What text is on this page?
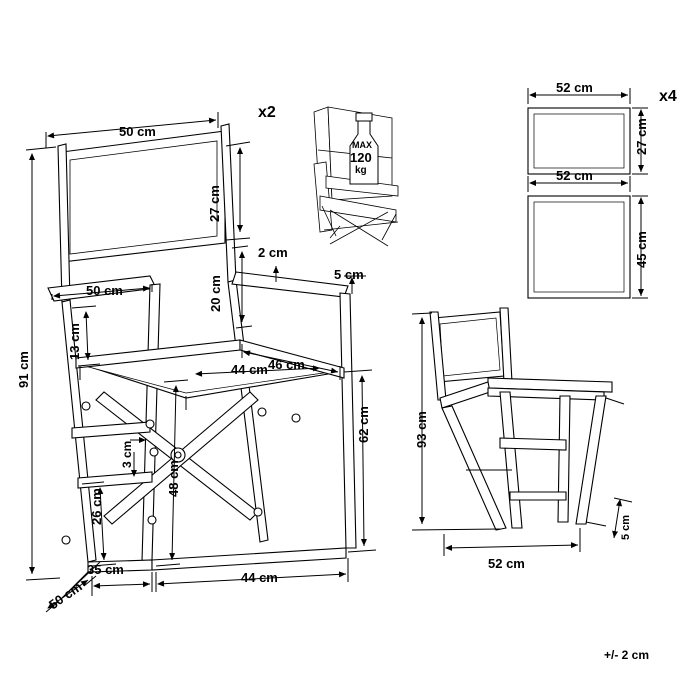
50 cm
27 cm
50 cm
2 cm
5 cm
20 cm
13 cm
46 cm
44 cm
91 cm
62 cm
48 cm
3 cm
26 cm
44 cm
50 cm
35 cm
x2
x4
MAX
120
kg
52 cm
27 cm
52 cm
45 cm
93 cm
52 cm
5 cm
+/- 2 cm
